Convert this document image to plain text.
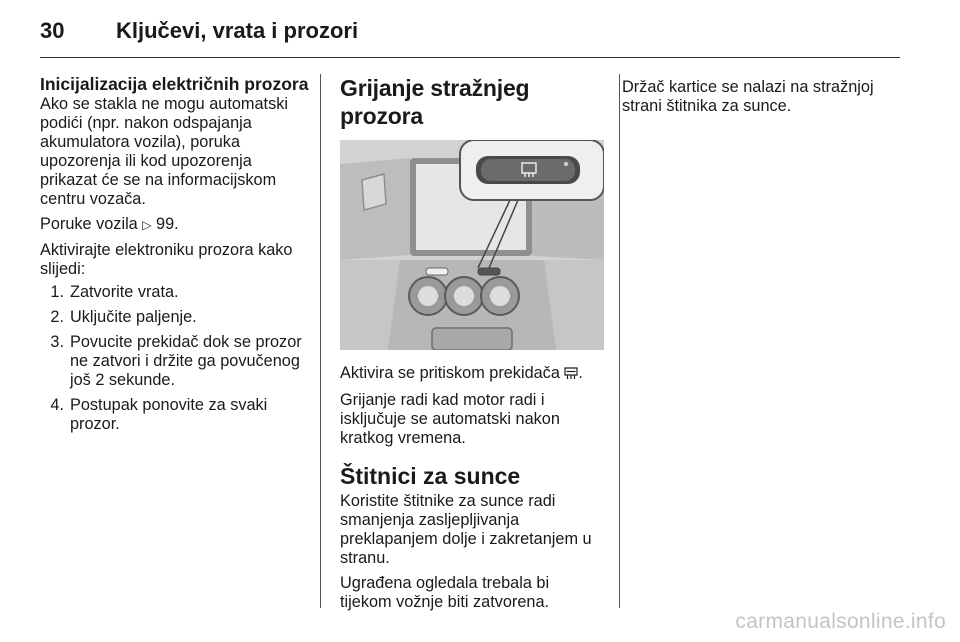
30	Ključevi, vrata i prozori
Inicijalizacija električnih prozora

Ako se stakla ne mogu automatski podići (npr. nakon odspajanja akumulatora vozila), poruka upozorenja ili kod upozorenja prikazat će se na informacijskom centru vozača.

Poruke vozila ▷ 99.

Aktivirajte elektroniku prozora kako slijedi:

1. Zatvorite vrata.
2. Uključite paljenje.
3. Povucite prekidač dok se prozor ne zatvori i držite ga povučenog još 2 sekunde.
4. Postupak ponovite za svaki prozor.
Grijanje stražnjeg prozora

Aktivira se pritiskom prekidača .

Grijanje radi kad motor radi i isključuje se automatski nakon kratkog vremena.

Štitnici za sunce

Koristite štitnike za sunce radi smanjenja zasljepljivanja preklapanjem dolje i zakretanjem u stranu.

Ugrađena ogledala trebala bi tijekom vožnje biti zatvorena.

Držač kartice se nalazi na stražnjoj strani štitnika za sunce.

carmanualsonline.info
